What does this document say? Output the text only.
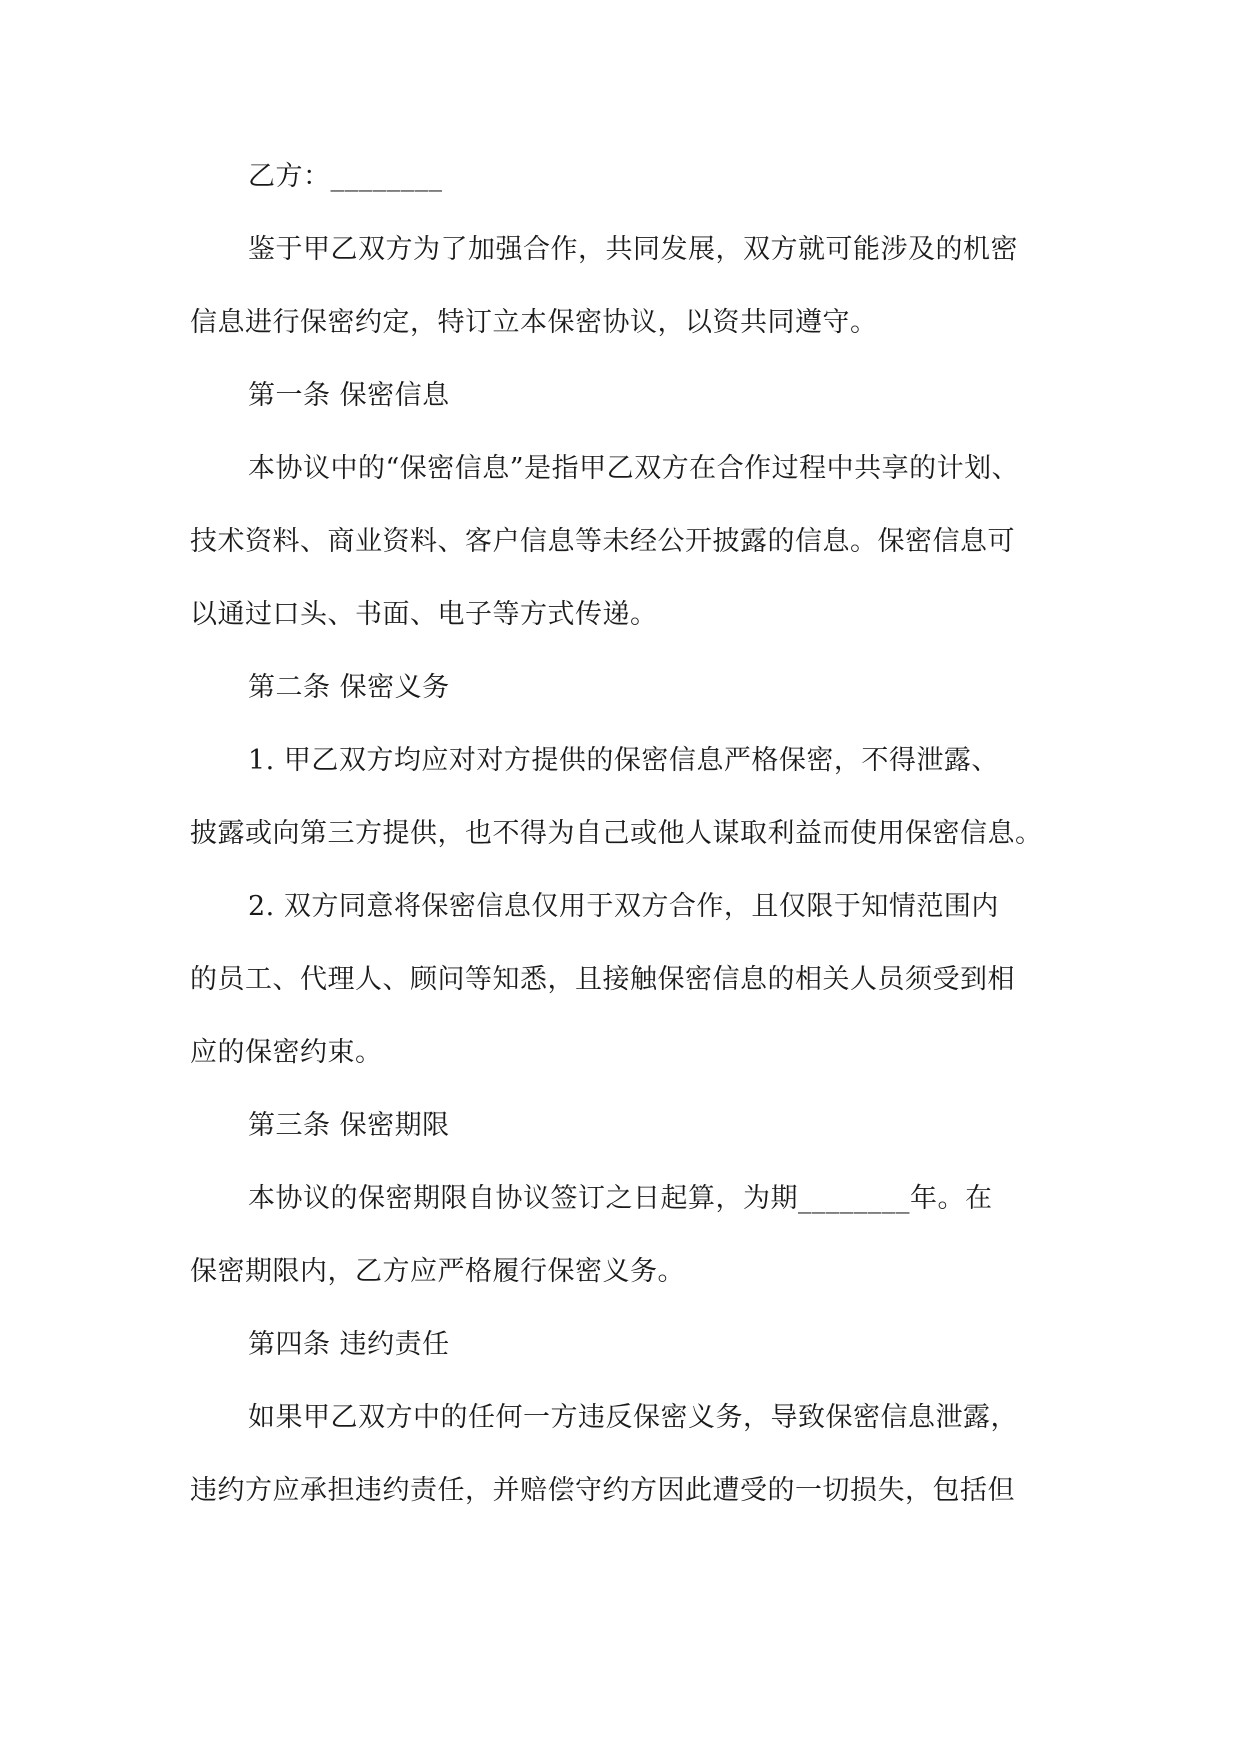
乙方：________
鉴于甲乙双方为了加强合作，共同发展，双方就可能涉及的机密
信息进行保密约定，特订立本保密协议，以资共同遵守。
第一条 保密信息
本协议中的“保密信息”是指甲乙双方在合作过程中共享的计划、
技术资料、商业资料、客户信息等未经公开披露的信息。保密信息可
以通过口头、书面、电子等方式传递。
第二条 保密义务
1. 甲乙双方均应对对方提供的保密信息严格保密，不得泄露、
披露或向第三方提供，也不得为自己或他人谋取利益而使用保密信息。
2. 双方同意将保密信息仅用于双方合作，且仅限于知情范围内
的员工、代理人、顾问等知悉，且接触保密信息的相关人员须受到相
应的保密约束。
第三条 保密期限
本协议的保密期限自协议签订之日起算，为期________年。在
保密期限内，乙方应严格履行保密义务。
第四条 违约责任
如果甲乙双方中的任何一方违反保密义务，导致保密信息泄露，
违约方应承担违约责任，并赔偿守约方因此遭受的一切损失，包括但
